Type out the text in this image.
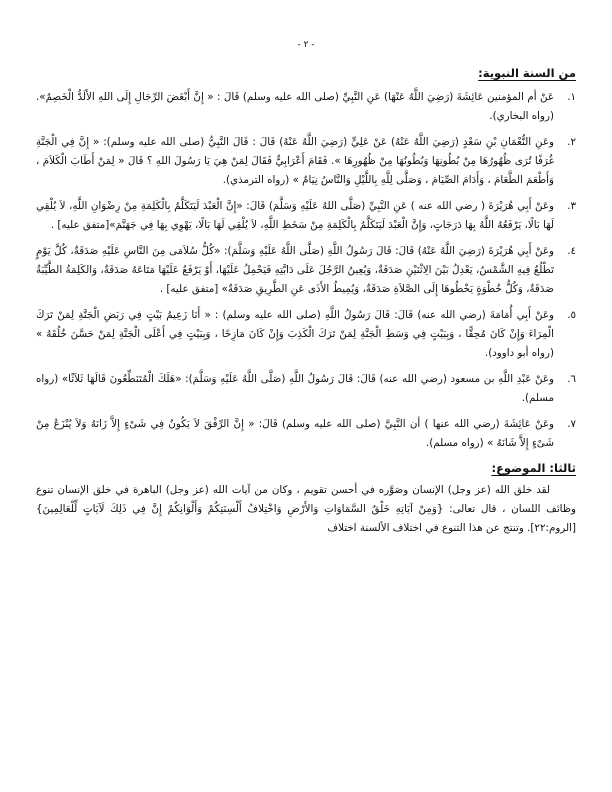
- ٢ -
من السنة النبوية:
١.
عَنْ أم المؤمنين عَائِشَةَ (رَضِيَ اللَّهُ عَنْهَا) عَنِ النَّبِيِّ (صلى الله عليه وسلم) قَالَ : « إِنَّ أَبْغَضَ الرِّجَالِ إِلَى اللهِ الأَلَدُّ الْخَصِمُ». (رواه البخاري).
٢.
وعَنِ النُّعْمَانِ بْنِ سَعْدٍ (رَضِيَ اللَّهُ عَنْهُ) عَنْ عَلِيٍّ (رَضِيَ اللَّهُ عَنْهُ) قَالَ : قَالَ النَّبِيُّ (صلى الله عليه وسلم): « إِنَّ فِي الْجَنَّةِ غُرَفًا تُرَى ظُهُورُهَا مِنْ بُطُونِهَا وَبُطُونُهَا مِنْ ظُهُورِهَا ». فَقَامَ أَعْرَابِيٌّ فَقَالَ لِمَنْ هِيَ يَا رَسُولَ اللهِ ؟ قَالَ « لِمَنْ أَطَابَ الْكَلاَمَ ، وَأَطْعَمَ الطَّعَامَ ، وَأَدَامَ الصِّيَامَ ، وَصَلَّى لِلَّهِ بِاللَّيْلِ وَالنَّاسُ نِيَامٌ » (رواه الترمذي).
٣.
وعَنْ أَبِي هُرَيْرَةَ ( رضي الله عنه ) عَنِ النَّبِيِّ (صَلَّى اللهُ عَلَيْهِ وَسَلَّمَ) قَالَ: «إِنَّ الْعَبْدَ لَيَتَكَلَّمُ بِالْكَلِمَةِ مِنْ رِضْوَانِ اللَّهِ، لاَ يُلْقِي لَهَا بَالًا، يَرْفَعُهُ اللَّهُ بِهَا دَرَجَاتٍ، وَإِنَّ الْعَبْدَ لَيَتَكَلَّمُ بِالْكَلِمَةِ مِنْ سَخَطِ اللَّهِ، لاَ يُلْقِي لَهَا بَالًا، يَهْوِي بِهَا فِي جَهَنَّمَ»[متفق عليه] .
٤.
وعَنْ أَبِي هُرَيْرَةَ (رَضِيَ اللَّهُ عَنْهُ) قَالَ: قَالَ رَسُولُ اللَّهِ (صَلَّى اللَّهُ عَلَيْهِ وَسَلَّمَ): «كُلُّ سُلاَمَى مِنَ النَّاسِ عَلَيْهِ صَدَقَةٌ، كُلَّ يَوْمٍ تَطْلُعُ فِيهِ الشَّمْسُ، يَعْدِلُ بَيْنَ الِاثْنَيْنِ صَدَقَةٌ، وَيُعِينُ الرَّجُلَ عَلَى دَابَّتِهِ فَيَحْمِلُ عَلَيْهَا، أَوْ يَرْفَعُ عَلَيْهَا مَتَاعَهُ صَدَقَةٌ، وَالكَلِمَةُ الطَّيِّبَةُ صَدَقَةٌ، وَكُلُّ خُطْوَةٍ يَخْطُوهَا إِلَى الصَّلاَةِ صَدَقَةٌ، وَيُمِيطُ الأَذَى عَنِ الطَّرِيقِ صَدَقَةٌ» [متفق عليه] .
٥.
وعَنْ أَبِي أُمَامَةَ (رضي الله عنه) قَالَ: قَالَ رَسُولُ اللَّهِ (صلى الله عليه وسلم) : « أَنَا زَعِيمُ بَيْتٍ فِي رَبَضِ الْجَنَّةِ لِمَنْ تَرَكَ الْمِرَاءَ وَإِنْ كَانَ مُحِقًّا ، وَبِبَيْتٍ فِي وَسَطِ الْجَنَّةِ لِمَنْ تَرَكَ الْكَذِبَ وَإِنْ كَانَ مَازِحًا ، وَبِبَيْتٍ فِي أَعْلَى الْجَنَّةِ لِمَنْ حَسَّنَ خُلُقَهُ » (رواه أبو داوود).
٦.
وعَنْ عَبْدِ اللَّهِ بن مسعود (رضي الله عنه) قَالَ: قَالَ رَسُولُ اللَّهِ (صَلَّى اللَّهُ عَلَيْهِ وَسَلَّمَ): «هَلَكَ الْمُتَنَطِّعُونَ قَالَهَا ثَلاَثًا» (رواه مسلم).
٧.
وعَنْ عَائِشَةَ (رضي الله عنها ) أن النَّبِيَّ (صلى الله عليه وسلم) قَالَ: « إِنَّ الرِّفْقَ لاَ يَكُونُ فِي شَىْءٍ إِلاَّ زَانَهُ وَلاَ يُنْزَعُ مِنْ شَىْءٍ إِلاَّ شَانَهُ » (رواه مسلم).
ثالثا: الموضوع:

لقد خلق الله (عز وجل) الإنسان وصَوَّره في أحسن تقويم ، وكان من آيات الله (عز وجل) الباهرة في خلق الإنسان تنوع وظائف اللسان ، قال تعالى: {وَمِنْ آيَاتِهِ خَلْقُ السَّمَاوَاتِ وَالأَرْضِ وَاخْتِلافُ أَلْسِنَتِكُمْ وَأَلْوَانِكُمْ إِنَّ فِي ذَلِكَ لَآيَاتٍ لِّلْعَالِمِينَ} [الروم:٢٢]. وتنتج عن هذا التنوع في اختلاف الألسنة اختلاف
